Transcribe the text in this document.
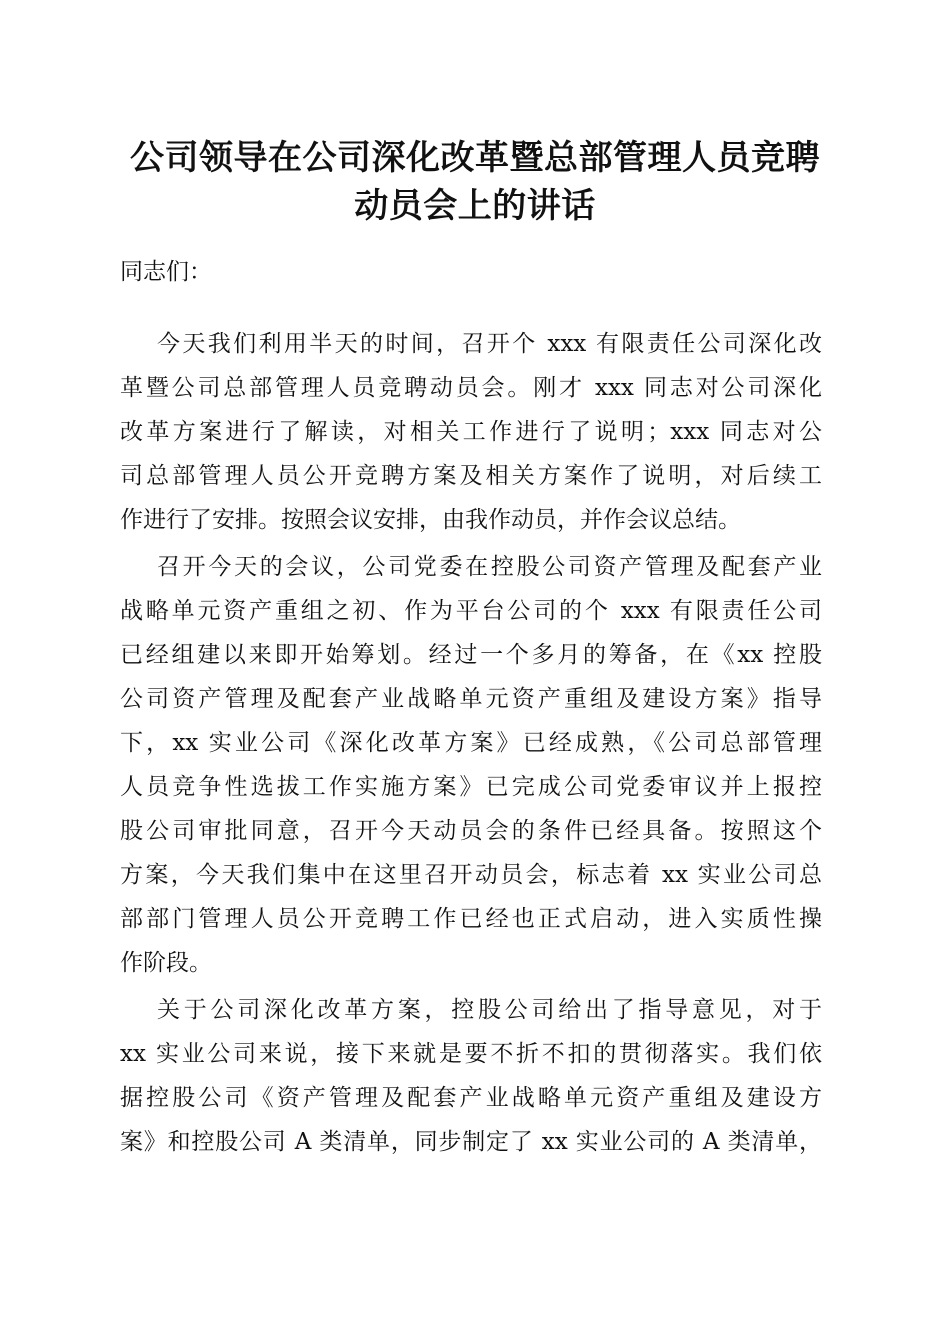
公司领导在公司深化改革暨总部管理人员竞聘
动员会上的讲话
同志们：
今天我们利用半天的时间，召开个 xxx 有限责任公司深化改
革暨公司总部管理人员竞聘动员会。刚才 xxx 同志对公司深化
改革方案进行了解读，对相关工作进行了说明；xxx 同志对公
司总部管理人员公开竞聘方案及相关方案作了说明，对后续工
作进行了安排。按照会议安排，由我作动员，并作会议总结。
召开今天的会议，公司党委在控股公司资产管理及配套产业
战略单元资产重组之初、作为平台公司的个 xxx 有限责任公司
已经组建以来即开始筹划。经过一个多月的筹备，在《xx 控股
公司资产管理及配套产业战略单元资产重组及建设方案》指导
下，xx 实业公司《深化改革方案》已经成熟，《公司总部管理
人员竞争性选拔工作实施方案》已完成公司党委审议并上报控
股公司审批同意，召开今天动员会的条件已经具备。按照这个
方案，今天我们集中在这里召开动员会，标志着 xx 实业公司总
部部门管理人员公开竞聘工作已经也正式启动，进入实质性操
作阶段。
关于公司深化改革方案，控股公司给出了指导意见，对于
xx 实业公司来说，接下来就是要不折不扣的贯彻落实。我们依
据控股公司《资产管理及配套产业战略单元资产重组及建设方
案》和控股公司 A 类清单，同步制定了 xx 实业公司的 A 类清单，
